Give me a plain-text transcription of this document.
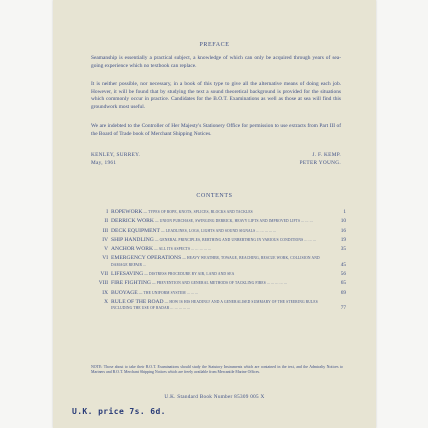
PREFACE
Seamanship is essentially a practical subject, a knowledge of which can only be acquired through years of sea-going experience which no textbook can replace.
It is neither possible, nor necessary, in a book of this type to give all the alternative means of doing each job. However, it will be found that by studying the text a sound theoretical background is provided for the situations which commonly occur in practice. Candidates for the B.O.T. Examinations as well as those at sea will find this groundwork most useful.
We are indebted to the Controller of Her Majesty's Stationery Office for permission to use extracts from Part III of the Board of Trade book of Merchant Shipping Notices.
KENLEY, SURREY.
May, 1961
J. F. KEMP.
PETER YOUNG.
CONTENTS
I ROPEWORK — TYPES OF ROPE, KNOTS, SPLICES, BLOCKS AND TACKLES	1
II DERRICK WORK — UNION PURCHASE, SWINGING DERRICK, HEAVY LIFTS AND IMPROVED LIFTS ... ... ...	10
III DECK EQUIPMENT — LEADLINES, LOGS, LIGHTS AND SOUND SIGNALS ... ... ... ... ...	16
IV SHIP HANDLING — GENERAL PRINCIPLES, BERTHING AND UNBERTHING IN VARIOUS CONDITIONS ... ... ...	19
V ANCHOR WORK — ALL ITS ASPECTS ... ... ... ... ...	35
VI EMERGENCY OPERATIONS — HEAVY WEATHER, TOWAGE, BEACHING, RESCUE WORK, COLLISION AND DAMAGE REPAIR ...	45
VII LIFESAVING — DISTRESS PROCEDURE BY AIR, LAND AND SEA	56
VIII FIRE FIGHTING — PREVENTION AND GENERAL METHODS OF TACKLING FIRES ... ... ... ... ...	65
IX BUOYAGE — THE UNIFORM SYSTEM ... ... ...	69
X RULE OF THE ROAD — HOW IS HIS HEADING? AND A GENERALISED SUMMARY OF THE STEERING RULES INCLUDING THE USE OF RADAR ... ... ... ... ...	77
NOTE: Those about to take their B.O.T. Examinations should study the Statutory Instruments which are contained in the text, and the Admiralty Notices to Mariners and B.O.T. Merchant Shipping Notices which are freely available from Mercantile Marine Offices.
U.K. Standard Book Number 85309 005 X
U.K. price 7s. 6d.
